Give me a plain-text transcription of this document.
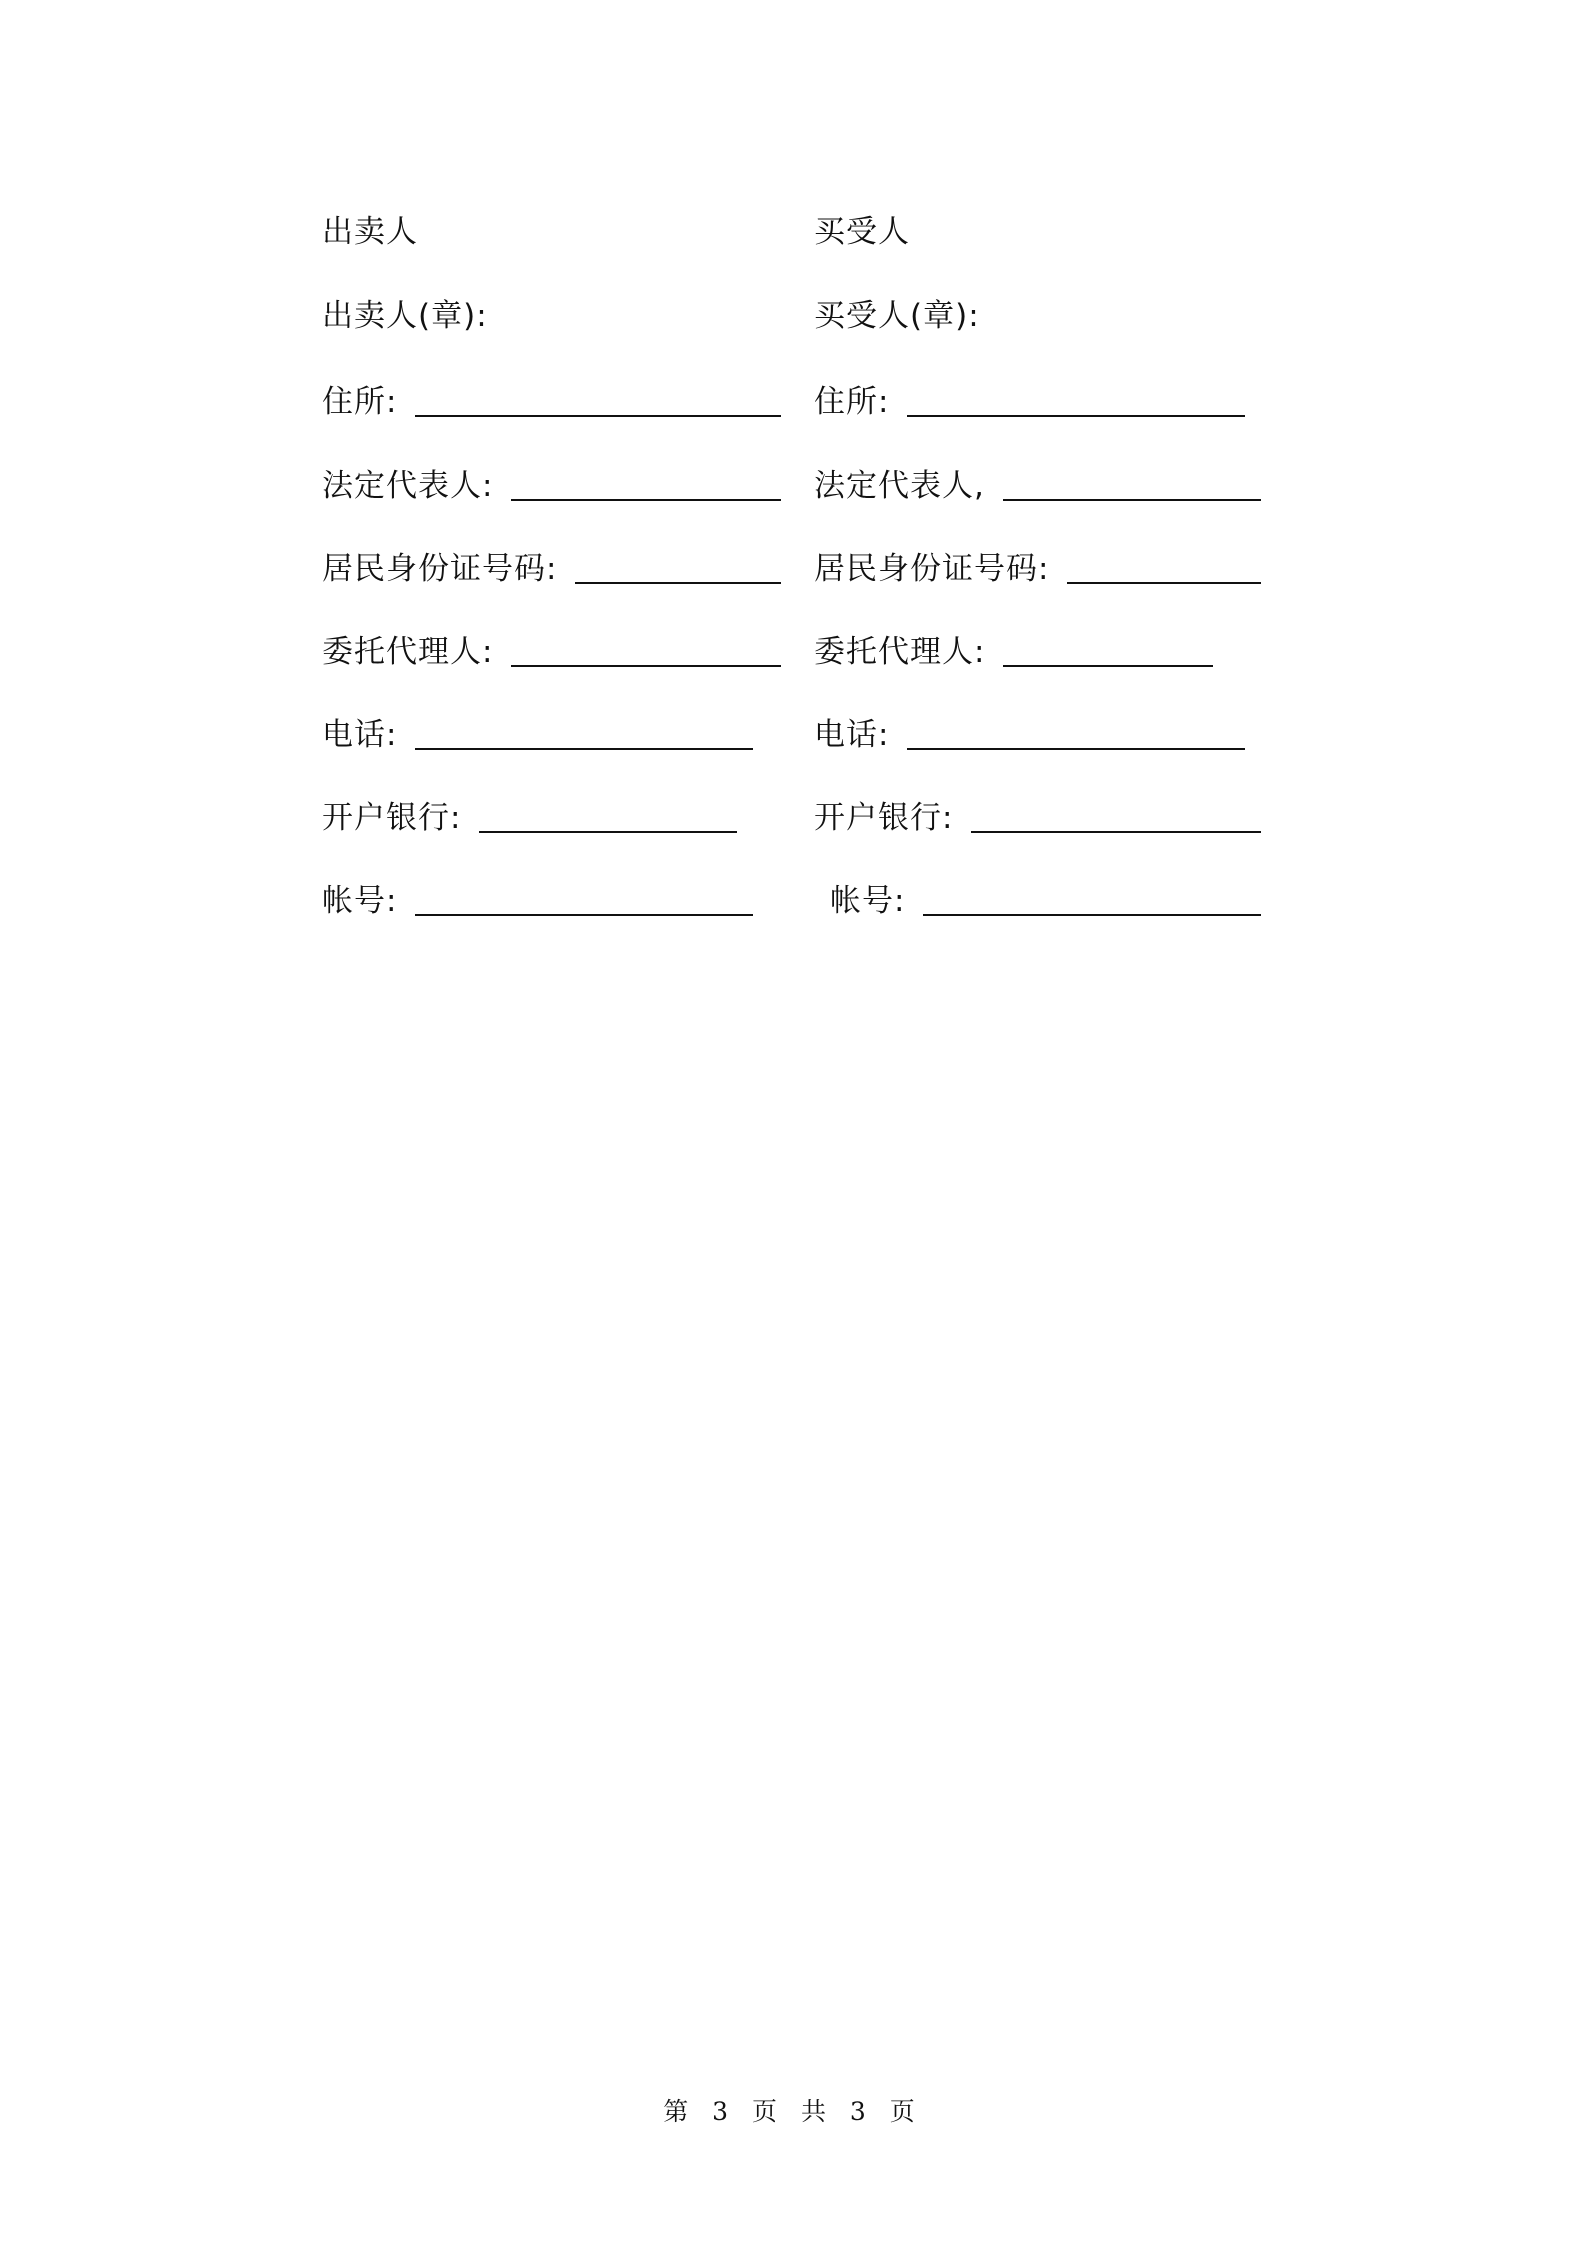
出卖人
出卖人(章):
住所:
法定代表人:
居民身份证号码:
委托代理人:
电话:
开户银行:
帐号:
买受人
买受人(章):
住所:
法定代表人,
居民身份证号码:
委托代理人:
电话:
开户银行:
帐号:
第 3 页 共 3 页
